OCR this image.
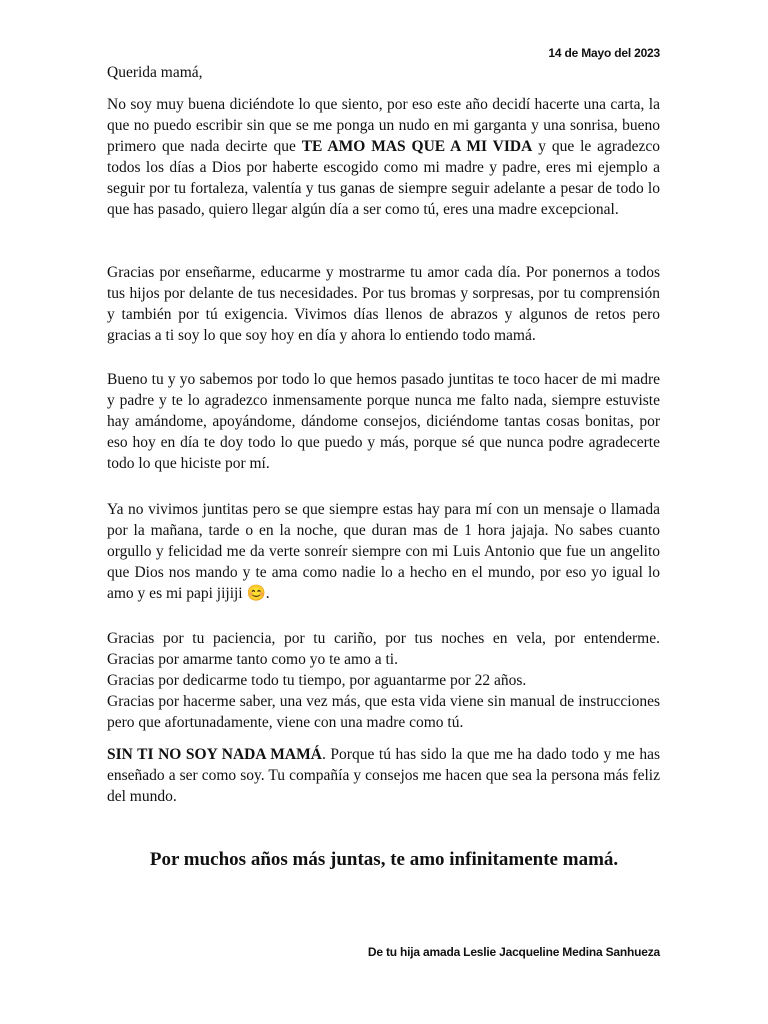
14 de Mayo del 2023
Querida mamá,

No soy muy buena diciéndote lo que siento, por eso este año decidí hacerte una carta, la que no puedo escribir sin que se me ponga un nudo en mi garganta y una sonrisa, bueno primero que nada decirte que TE AMO MAS QUE A MI VIDA y que le agradezco todos los días a Dios por haberte escogido como mi madre y padre, eres mi ejemplo a seguir por tu fortaleza, valentía y tus ganas de siempre seguir adelante a pesar de todo lo que has pasado, quiero llegar algún día a ser como tú, eres una madre excepcional.

Gracias por enseñarme, educarme y mostrarme tu amor cada día. Por ponernos a todos tus hijos por delante de tus necesidades. Por tus bromas y sorpresas, por tu comprensión y también por tú exigencia. Vivimos días llenos de abrazos y algunos de retos pero gracias a ti soy lo que soy hoy en día y ahora lo entiendo todo mamá.

Bueno tu y yo sabemos por todo lo que hemos pasado juntitas te toco hacer de mi madre y padre y te lo agradezco inmensamente porque nunca me falto nada, siempre estuviste hay amándome, apoyándome, dándome consejos, diciéndome tantas cosas bonitas, por eso hoy en día te doy todo lo que puedo y más, porque sé que nunca podre agradecerte todo lo que hiciste por mí.

Ya no vivimos juntitas pero se que siempre estas hay para mí con un mensaje o llamada por la mañana, tarde o en la noche, que duran mas de 1 hora jajaja. No sabes cuanto orgullo y felicidad me da verte sonreír siempre con mi Luis Antonio que fue un angelito que Dios nos mando y te ama como nadie lo a hecho en el mundo, por eso yo igual lo amo y es mi papi jijiji 😊.

Gracias por tu paciencia, por tu cariño, por tus noches en vela, por entenderme.
Gracias por amarme tanto como yo te amo a ti.
Gracias por dedicarme todo tu tiempo, por aguantarme por 22 años.
Gracias por hacerme saber, una vez más, que esta vida viene sin manual de instrucciones pero que afortunadamente, viene con una madre como tú.

SIN TI NO SOY NADA MAMÁ. Porque tú has sido la que me ha dado todo y me has enseñado a ser como soy. Tu compañía y consejos me hacen que sea la persona más feliz del mundo.

Por muchos años más juntas, te amo infinitamente mamá.
De tu hija amada Leslie Jacqueline Medina Sanhueza
